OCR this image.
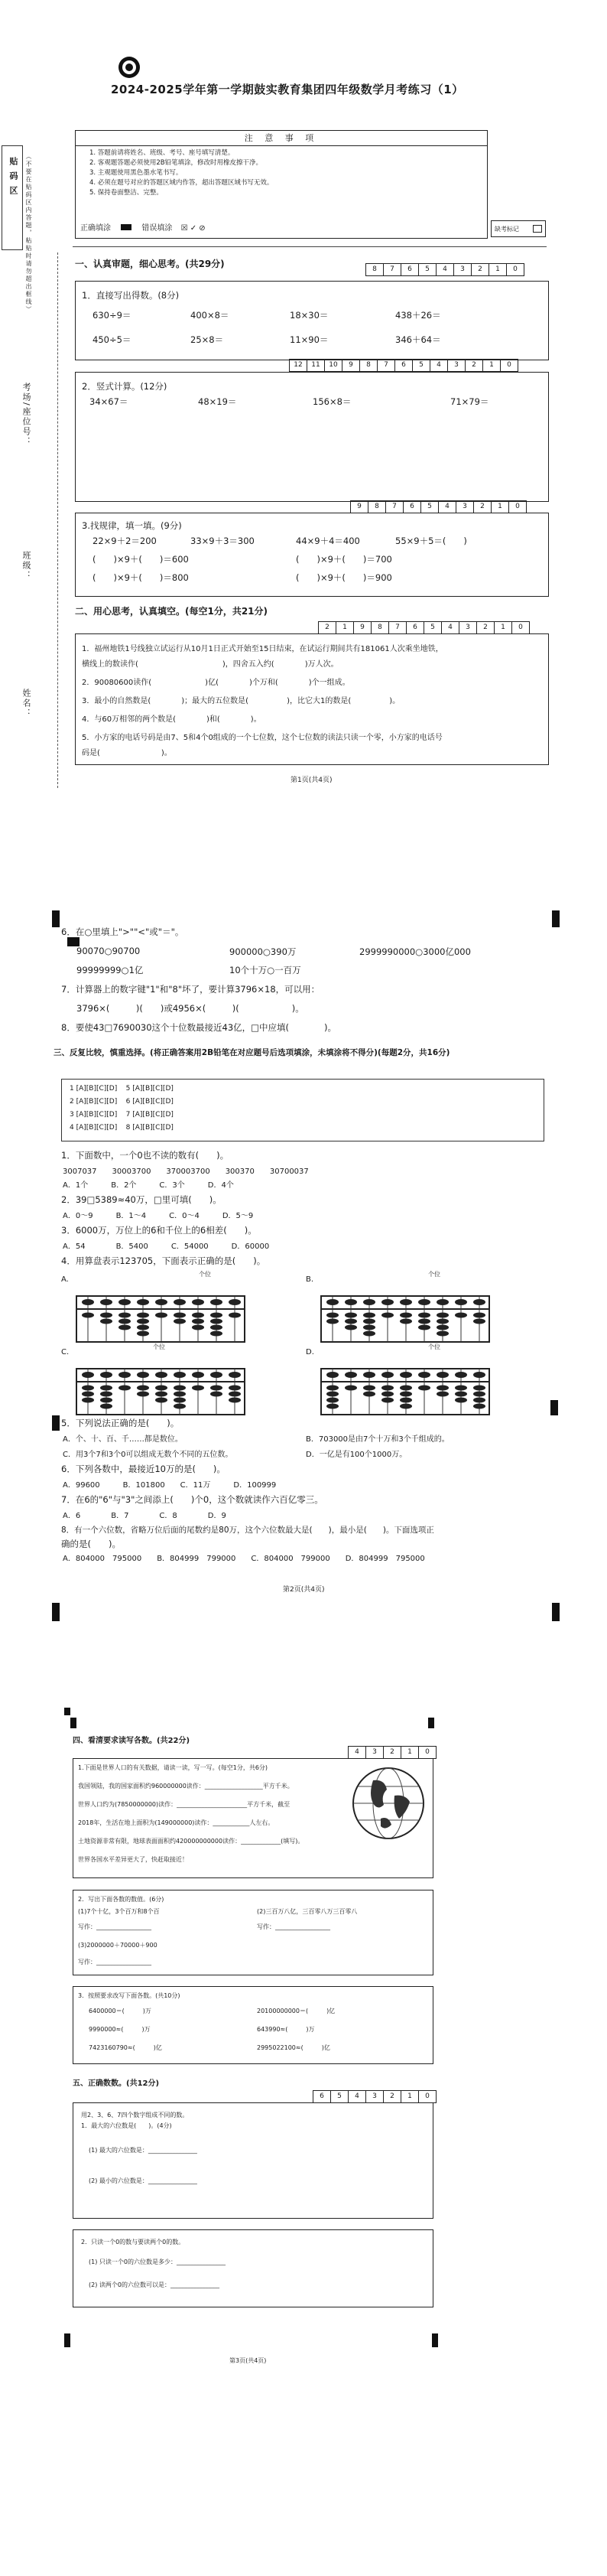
2024-2025学年第一学期鼓实教育集团四年级数学月考练习（1）
贴 码 区 （不要在贴码区内答题，粘贴时请勿超出框线）
考场/座位号：
班级：
姓名：
注 意 事 项
1. 答题前请将姓名、班级、考号、座号填写清楚。
2. 客观题答题必须使用2B铅笔填涂，修改时用橡皮擦干净。
3. 主观题使用黑色墨水笔书写。
4. 必须在题号对应的答题区域内作答，超出答题区域书写无效。
5. 保持卷面整洁、完整。
正确填涂	错误填涂 ☒ ✓ ⊘	缺考标记
8	7	6	5	4	3	2	1	0
一、认真审题，细心思考。(共29分)
1．直接写出得数。(8分)
630÷9＝	400×8＝	18×30＝	438＋26＝
450÷5＝	25×8＝	11×90＝	346＋64＝
12	11	10	9	8	7	6	5	4	3	2	1	0
2．竖式计算。(12分)
34×67＝	48×19＝	156×8＝	71×79＝
9	8	7	6	5	4	3	2	1	0
3.找规律，填一填。(9分)
22×9＋2＝200	33×9＋3＝300	44×9＋4＝400	55×9＋5＝(　　)
(　　)×9＋(　　)＝600	(　　)×9＋(　　)＝700
(　　)×9＋(　　)＝800	(　　)×9＋(　　)＝900
二、用心思考，认真填空。(每空1分，共21分)
2	1	9	8	7	6	5	4	3	2	1	0
1．福州地铁1号线独立试运行从10月1日正式开始至15日结束，在试运行期间共有181061人次乘坐地铁，
横线上的数读作(　　　　　　　　　　　)，四舍五入约(　　　　)万人次。
2．90080600读作(　　　　　　　)亿(　　　　)个万和(　　　　)个一组成。
3．最小的自然数是(　　　　)；最大的五位数是(　　　　　)，比它大1的数是(　　　　　)。
4．与60万相邻的两个数是(　　　　)和(　　　　)。
5．小方家的电话号码是由7、5和4个0组成的一个七位数，这个七位数的读法只读一个零，小方家的电话号
码是(　　　　　　　　)。
第1页(共4页)
6．在○里填上">""<"或"＝"。
90070○90700	900000○390万	2999990000○3000亿000
99999999○1亿	10个十万○一百万
7．计算器上的数字键"1"和"8"坏了，要计算3796×18，可以用：
3796×(　　　)(　　)或4956×(　　　)(　　　　　　)。
8．要使43□7690030这个十位数最接近43亿，□中应填(　　　　)。
三、反复比较，慎重选择。(将正确答案用2B铅笔在对应题号后选项填涂，未填涂将不得分)(每题2分，共16分)
1 [A][B][C][D]    5 [A][B][C][D]
2 [A][B][C][D]    6 [A][B][C][D]
3 [A][B][C][D]    7 [A][B][C][D]
4 [A][B][C][D]    8 [A][B][C][D]
1．下面数中，一个0也不读的数有(　　)。
3007037　　30003700　　370003700　　300370　　30700037
A．1个　　　B．2个　　　C．3个　　　D．4个
2．39□5389≈40万，□里可填(　　)。
A．0～9　　　B．1～4　　　C．0～4　　　D．5～9
3．6000万，万位上的6和千位上的6相差(　　)。
A．54　　　　B．5400　　　C．54000　　　D．60000
4．用算盘表示123705，下面表示正确的是(　　)。
A.
个位
B.
个位
C.
个位
D.
个位
5．下列说法正确的是(　　)。
A．个、十、百、千……都是数位。	B．703000是由7个十万和3个千组成的。
C．用3个7和3个0可以组成无数个不同的五位数。	D．一亿是有100个1000万。
6．下列各数中，最接近10万的是(　　)。
A．99600　　　B．101800　　C．11万　　　D．100999
7．在6的"6"与"3"之间添上(　　)个0，这个数就读作六百亿零三。
A．6　　　　B．7　　　　C．8　　　　D．9
8．有一个六位数，省略万位后面的尾数约是80万，这个六位数最大是(　　)，最小是(　　)。下面选项正
确的是(　　)。
A．804000　795000　　B．804999　799000　　C．804000　799000　　D．804999　795000
第2页(共4页)
四、看清要求读写各数。(共22分)
4	3	2	1	0
1.下面是世界人口的有关数据，请读一读，写一写。(每空1分，共6分)
我国领陆，我的国家面积约960000000读作：___________________平方千米。
世界人口约为(7850000000)读作：_______________________平方千米，截至
2018年，生活在地上面积为(149000000)读作：____________人左右。
土地资源非常有限，地球表面面积约420000000000读作：_____________(填写)。
世界各国水平差异更大了，快赶取接近！
2．写出下面各数的数值。(6分)
(1)7个十亿，3个百万和8个百	(2)三百万八亿，三百零八万三百零八
写作：__________________	写作：__________________
(3)2000000＋70000＋900
写作：__________________
3．按照要求改写下面各数。(共10分)
6400000＝(　　　)万	20100000000＝(　　　)亿
9990000≈(　　　)万	643990≈(　　　)万
7423160790≈(　　　)亿	2995022100≈(　　　)亿
五、正确数数。(共12分)
6	5	4	3	2	1	0
用2、3、6、7四个数字组成不同的数。
1．最大的六位数是(　　)。(4分)
(1) 最大的六位数是：________________
(2) 最小的六位数是：________________
2．只读一个0的数与要读两个0的数。
(1) 只读一个0的六位数是多少：________________
(2) 读两个0的六位数可以是：________________
第3页(共4页)
